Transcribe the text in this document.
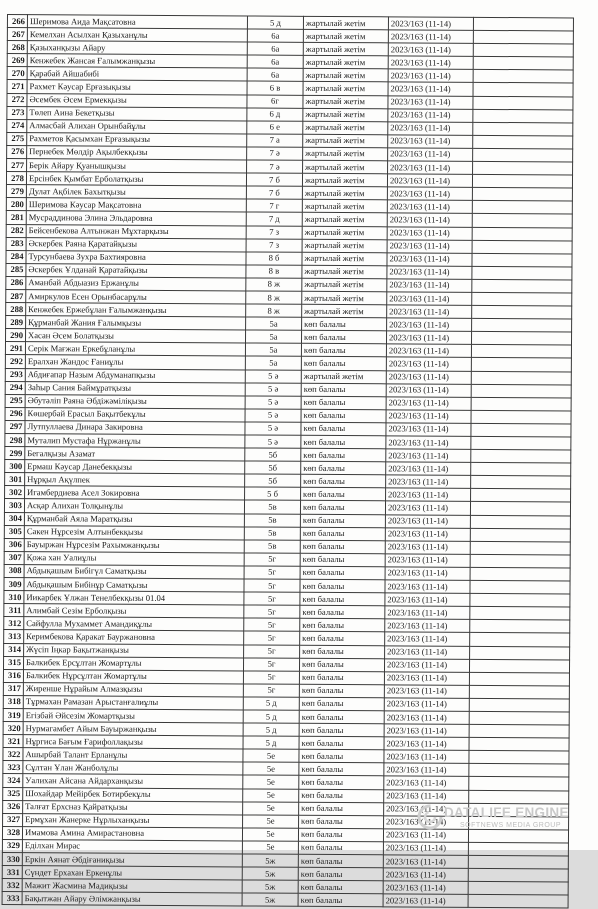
266	Шеримова Аида Мақсатовна	5 д	жартылай жетім	2023/163 (11-14)	
267	Кемелхан Асылхан Қазыханұлы	6а	жартылай жетім	2023/163 (11-14)	
268	Қазыханқызы Айару	6а	жартылай жетім	2023/163 (11-14)	
269	Кенжебек Жансая Ғалымжанқызы	6а	жартылай жетім	2023/163 (11-14)	
270	Қарабай Айшабибі	6а	жартылай жетім	2023/163 (11-14)	
271	Рахмет Кәусар Ерғазықызы	6 в	жартылай жетім	2023/163 (11-14)	
272	Әсембек Әсем Ермекқызы	6г	жартылай жетім	2023/163 (11-14)	
273	Төлеп Аина Бекетқызы	6 д	жартылай жетім	2023/163 (11-14)	
274	Алмасбай Алихан Орынбайұлы	6 е	жартылай жетім	2023/163 (11-14)	
275	Рахметов Қасымхан Ерғазықызы	7 а	жартылай жетім	2023/163 (11-14)	
276	Пернебек Мөлдір Ақылбекқызы	7 ә	жартылай жетім	2023/163 (11-14)	
277	Берік Айару Қуанышқызы	7 ә	жартылай жетім	2023/163 (11-14)	
278	Ерсінбек Қымбат Ерболатқызы	7 б	жартылай жетім	2023/163 (11-14)	
279	Дулат Ақбілек Бахытқызы	7 б	жартылай жетім	2023/163 (11-14)	
280	Шеримова Кәусар Мақсатовна	7 г	жартылай жетім	2023/163 (11-14)	
281	Мусраддинова Элина Эльдаровна	7 д	жартылай жетім	2023/163 (11-14)	
282	Бейсенбекова Алтынжан Мұхтарқызы	7 з	жартылай жетім	2023/163 (11-14)	
283	Әскербек Раяна Қаратайқызы	7 з	жартылай жетім	2023/163 (11-14)	
284	Турсунбаева Зухра Бахтияровна	8 б	жартылай жетім	2023/163 (11-14)	
285	Әскербек Ұлданай Қаратайқызы	8 в	жартылай жетім	2023/163 (11-14)	
286	Аманбай Абдыазиз Ержанұлы	8 ж	жартылай жетім	2023/163 (11-14)	
287	Амиркулов Есен Орынбасарұлы	8 ж	жартылай жетім	2023/163 (11-14)	
288	Кенжебек Ержебұлан Ғалымжанқызы	8 ж	жартылай жетім	2023/163 (11-14)	
289	Құрманбай Жания Ғалымқызы	5а	көп балалы	2023/163 (11-14)	
290	Хасан Әсем Болатқызы	5а	көп балалы	2023/163 (11-14)	
291	Серік Мағжан Еркебұланұлы	5а	көп балалы	2023/163 (11-14)	
292	Ералхан Жандос Ғаниұлы	5а	көп балалы	2023/163 (11-14)	
293	Абдиғапар Назым Абдуманапқызы	5 ә	жартылай жетім	2023/163 (11-14)	
294	Заһыр Сания Баймұратқызы	5 ә	көп балалы	2023/163 (11-14)	
295	Әбутәліп Раяна Әбдіжәміліқызы	5 ә	көп балалы	2023/163 (11-14)	
296	Көшербай Ерасыл Бақытбекұлы	5 ә	көп балалы	2023/163 (11-14)	
297	Лутпуллаева Динара Закировна	5 ә	көп балалы	2023/163 (11-14)	
298	Муталип Мустафа Нұржанұлы	5 ә	көп балалы	2023/163 (11-14)	
299	Бегалқызы Азамат	5б	көп балалы	2023/163 (11-14)	
300	Ермаш Кәусар Данебекқызы	5б	көп балалы	2023/163 (11-14)	
301	Нұрқыл Ақүлпек	5б	көп балалы	2023/163 (11-14)	
302	Игамбердиева Асел Зокировна	5 б	көп балалы	2023/163 (11-14)	
303	Асқар Алихан Толқынұлы	5в	көп балалы	2023/163 (11-14)	
304	Құрманбай Аяла Маратқызы	5в	көп балалы	2023/163 (11-14)	
305	Сакен Нұрсезім Алтынбекқызы	5в	көп балалы	2023/163 (11-14)	
306	Бауыржан Нұрсезім Рахымжанқызы	5в	көп балалы	2023/163 (11-14)	
307	Қожа хан Уалиұлы	5г	көп балалы	2023/163 (11-14)	
308	Абдықашым Бибігүл Саматқызы	5г	көп балалы	2023/163 (11-14)	
309	Абдықашым Бибінұр Саматқызы	5г	көп балалы	2023/163 (11-14)	
310	Иикарбек Ұлжан Тенелбекқызы 01.04	5г	көп балалы	2023/163 (11-14)	
311	Алимбай Сезім Ерболқызы	5г	көп балалы	2023/163 (11-14)	
312	Сайфулла Мухаммет Амандиқұлы	5г	көп балалы	2023/163 (11-14)	
313	Керимбекова Қаракат Бауржановна	5г	көп балалы	2023/163 (11-14)	
314	Жүсіп Іңкар Бақытжанқызы	5г	көп балалы	2023/163 (11-14)	
315	Балкибек Ерсұлтан Жомартұлы	5г	көп балалы	2023/163 (11-14)	
316	Балкибек Нұрсұлтан Жомартұлы	5г	көп балалы	2023/163 (11-14)	
317	Жиренше Нұрайым Алмазқызы	5г	көп балалы	2023/163 (11-14)	
318	Тұрмахан Рамазан Арыстанғалиұлы	5 д	көп балалы	2023/163 (11-14)	
319	Егізбай Әйсезім Жомартқызы	5 д	көп балалы	2023/163 (11-14)	
320	Нурмагамбет Айым Бауыржанқызы	5 д	көп балалы	2023/163 (11-14)	
321	Нұргиса Бағым Ғарифоллақызы	5 д	көп балалы	2023/163 (11-14)	
322	Ашырбай Талант Ерланұлы	5е	көп балалы	2023/163 (11-14)	
323	Сұлтан Ұлан Жанболұлы	5е	көп балалы	2023/163 (11-14)	
324	Уалихан Айсана Айдарханқызы	5е	көп балалы	2023/163 (11-14)	
325	Шохайдар Мейірбек Ботирбекұлы	5е	көп балалы	2023/163 (11-14)	
326	Талғат Ерхсназ Қайратқызы	5е	көп балалы	2023/163 (11-14)	
327	Ермұхан Жанерке Нұрлыханқызы	5е	көп балалы	2023/163 (11-14)	
328	Имамова Амина Амирастановна	5е	көп балалы	2023/163 (11-14)	
329	Еділхан Мирас	5е	көп балалы	2023/163 (11-14)	
330	Еркін Аянат Әбдіғаниқызы	5ж	көп балалы	2023/163 (11-14)	
331	Сүндет Ерхахан Еркенұлы	5ж	көп балалы	2023/163 (11-14)	
332	Мажит Жасмина Мадиқызы	5ж	көп балалы	2023/163 (11-14)	
333	Бақытжан Айару Әлімжанқызы	5ж	көп балалы	2023/163 (11-14)	
DATALIFE ENGINE
SOFTNEWS MEDIA GROUP
